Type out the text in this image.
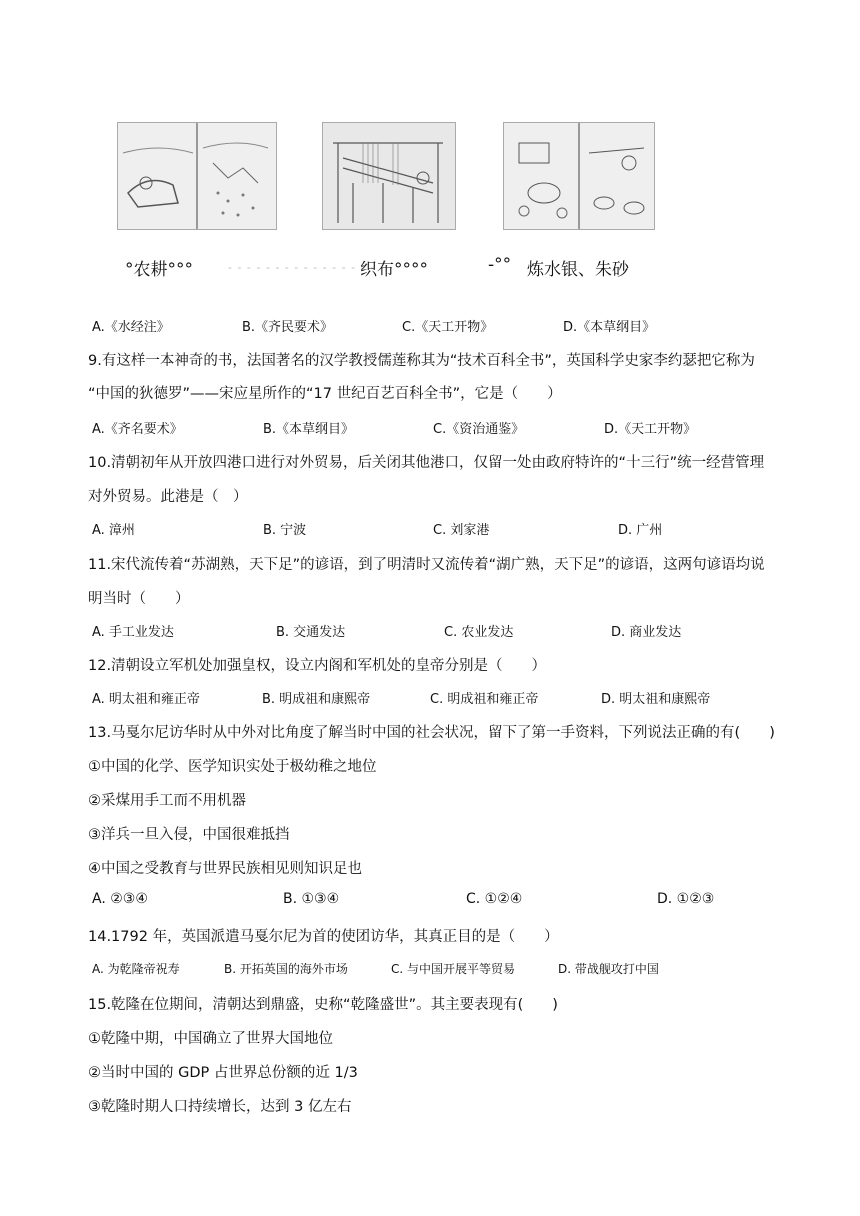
°农耕°°°	- - - - - - - - - - - - - - - -
织布°°°°	-°° 炼水银、朱砂
A.《水经注》	B.《齐民要术》	C.《天工开物》	D.《本草纲目》
9.有这样一本神奇的书，法国著名的汉学教授儒莲称其为“技术百科全书”，英国科学史家李约瑟把它称为
“中国的狄德罗”——宋应星所作的“17 世纪百艺百科全书”，它是（　　）
A.《齐名要术》	B.《本草纲目》	C.《资治通鉴》	D.《天工开物》
10.清朝初年从开放四港口进行对外贸易，后关闭其他港口，仅留一处由政府特许的“十三行”统一经营管理
对外贸易。此港是（　）
A. 漳州	B. 宁波	C. 刘家港	D. 广州
11.宋代流传着“苏湖熟，天下足”的谚语，到了明清时又流传着“湖广熟，天下足”的谚语，这两句谚语均说
明当时（　　）
A. 手工业发达	B. 交通发达	C. 农业发达	D. 商业发达
12.清朝设立军机处加强皇权，设立内阁和军机处的皇帝分别是（　　）
A. 明太祖和雍正帝	B. 明成祖和康熙帝	C. 明成祖和雍正帝	D. 明太祖和康熙帝
13.马戛尔尼访华时从中外对比角度了解当时中国的社会状况，留下了第一手资料，下列说法正确的有(　　)
①中国的化学、医学知识实处于极幼稚之地位
②采煤用手工而不用机器
③洋兵一旦入侵，中国很难抵挡
④中国之受教育与世界民族相见则知识足也
A. ②③④	B. ①③④	C. ①②④	D. ①②③
14.1792 年，英国派遣马戛尔尼为首的使团访华，其真正目的是（　　）
A. 为乾隆帝祝寿	B. 开拓英国的海外市场	C. 与中国开展平等贸易	D. 带战舰攻打中国
15.乾隆在位期间，清朝达到鼎盛，史称“乾隆盛世”。其主要表现有(　　)
①乾隆中期，中国确立了世界大国地位
②当时中国的 GDP 占世界总份额的近 1/3
③乾隆时期人口持续增长，达到 3 亿左右
